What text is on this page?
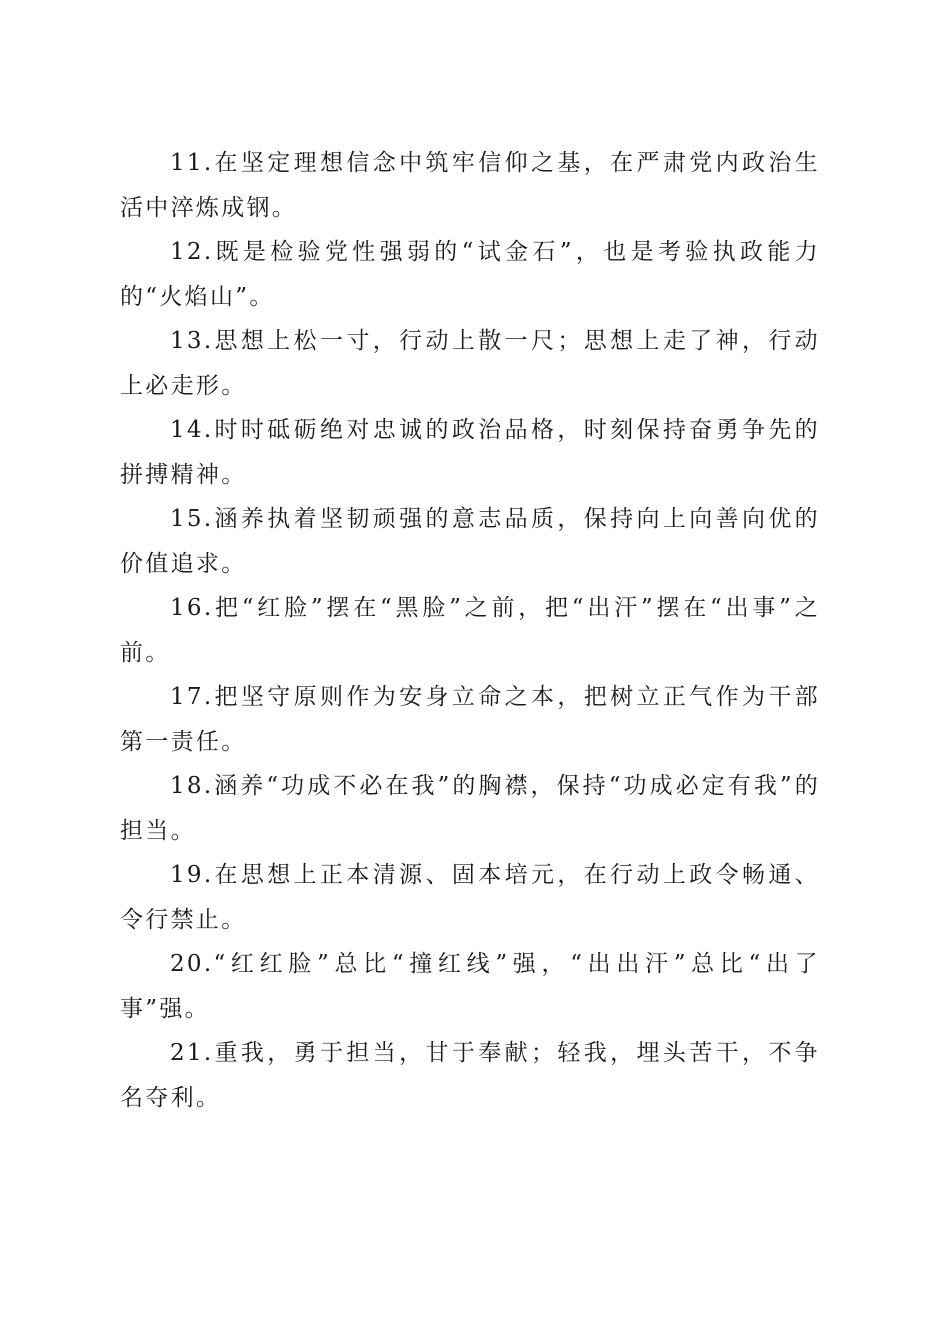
11.在坚定理想信念中筑牢信仰之基，在严肃党内政治生活中淬炼成钢。

12.既是检验党性强弱的“试金石”，也是考验执政能力的“火焰山”。

13.思想上松一寸，行动上散一尺；思想上走了神，行动上必走形。

14.时时砥砺绝对忠诚的政治品格，时刻保持奋勇争先的拼搏精神。

15.涵养执着坚韧顽强的意志品质，保持向上向善向优的价值追求。

16.把“红脸”摆在“黑脸”之前，把“出汗”摆在“出事”之前。

17.把坚守原则作为安身立命之本，把树立正气作为干部第一责任。

18.涵养“功成不必在我”的胸襟，保持“功成必定有我”的担当。

19.在思想上正本清源、固本培元，在行动上政令畅通、令行禁止。

20.“红红脸”总比“撞红线”强，“出出汗”总比“出了事”强。

21.重我，勇于担当，甘于奉献；轻我，埋头苦干，不争名夺利。
